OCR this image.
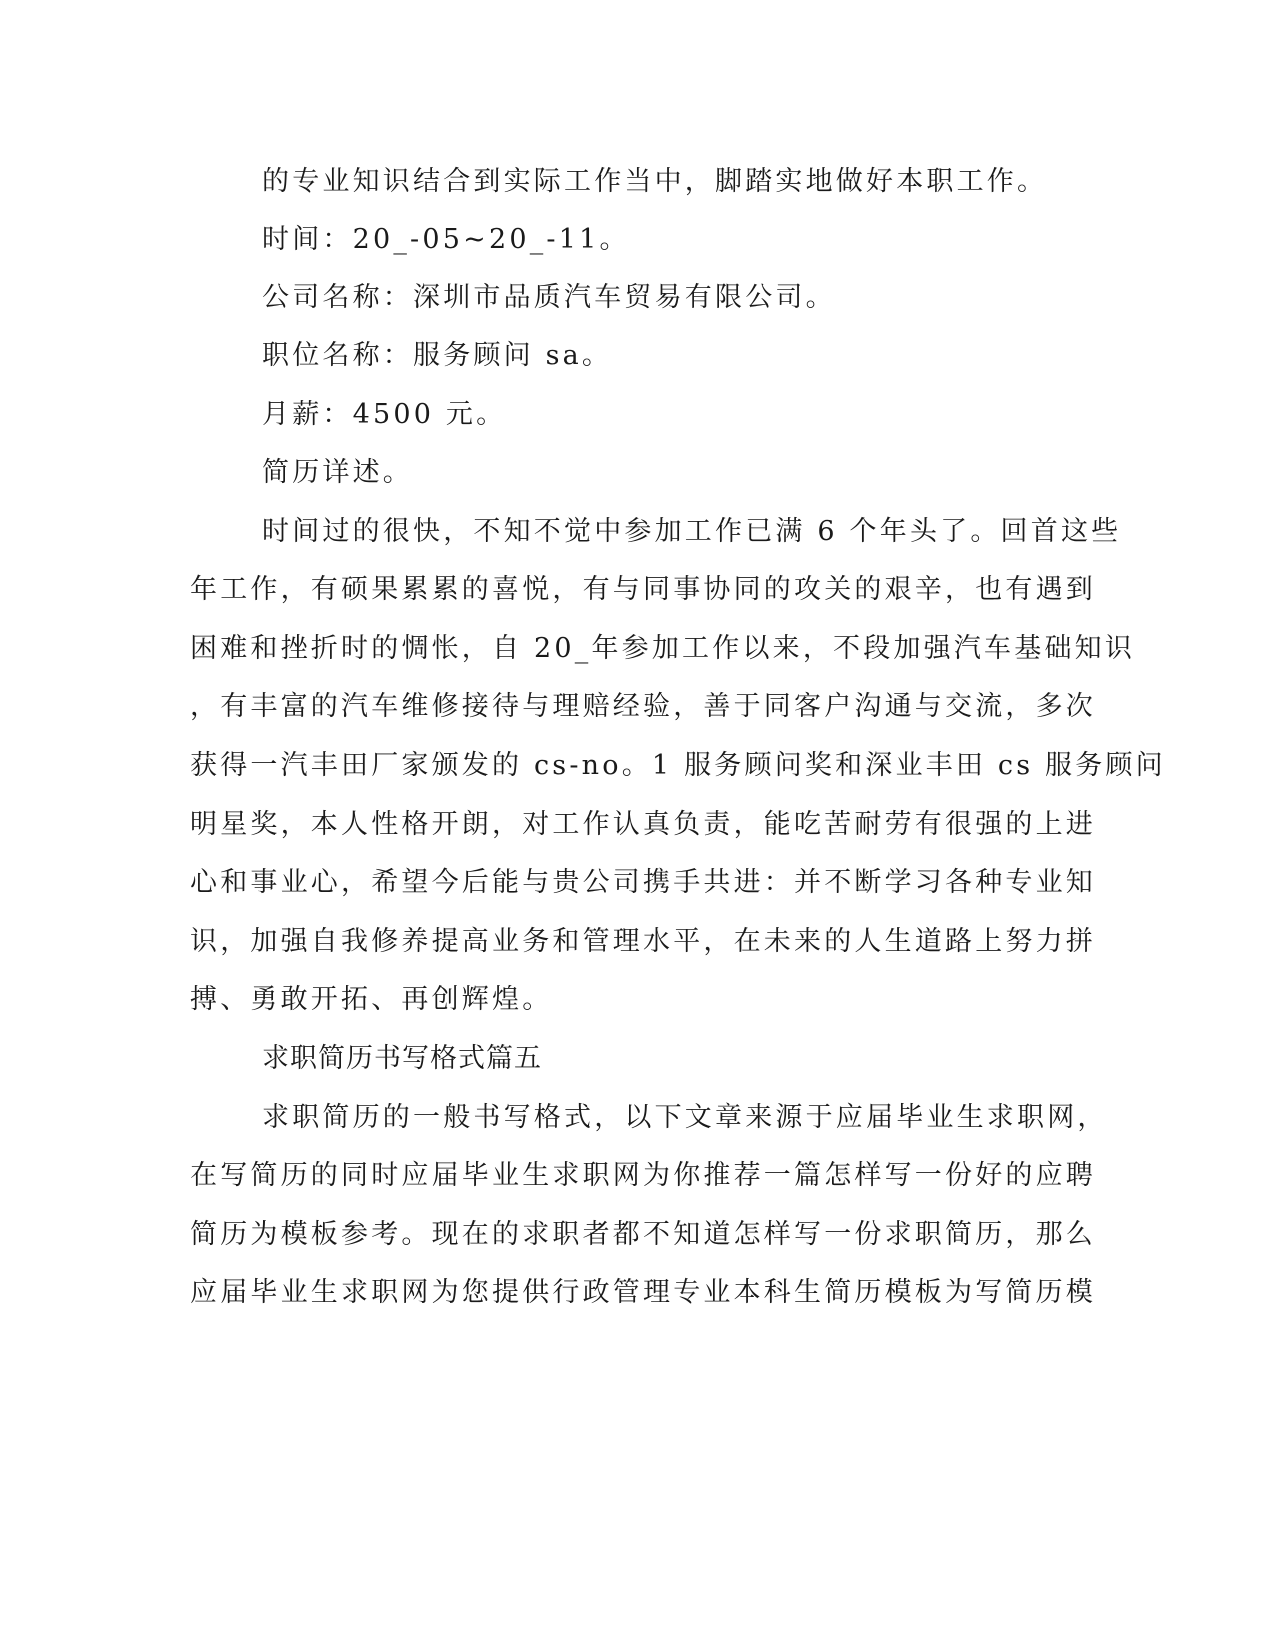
的专业知识结合到实际工作当中，脚踏实地做好本职工作。
时间：20_-05~20_-11。
公司名称：深圳市品质汽车贸易有限公司。
职位名称：服务顾问 sa。
月薪：4500 元。
简历详述。
时间过的很快，不知不觉中参加工作已满 6 个年头了。回首这些
年工作，有硕果累累的喜悦，有与同事协同的攻关的艰辛，也有遇到
困难和挫折时的惆怅，自 20_年参加工作以来，不段加强汽车基础知识
，有丰富的汽车维修接待与理赔经验，善于同客户沟通与交流，多次
获得一汽丰田厂家颁发的 cs-no。1 服务顾问奖和深业丰田 cs 服务顾问
明星奖，本人性格开朗，对工作认真负责，能吃苦耐劳有很强的上进
心和事业心，希望今后能与贵公司携手共进：并不断学习各种专业知
识，加强自我修养提高业务和管理水平，在未来的人生道路上努力拼
搏、勇敢开拓、再创辉煌。
求职简历书写格式篇五
求职简历的一般书写格式，以下文章来源于应届毕业生求职网，
在写简历的同时应届毕业生求职网为你推荐一篇怎样写一份好的应聘
简历为模板参考。现在的求职者都不知道怎样写一份求职简历，那么
应届毕业生求职网为您提供行政管理专业本科生简历模板为写简历模
